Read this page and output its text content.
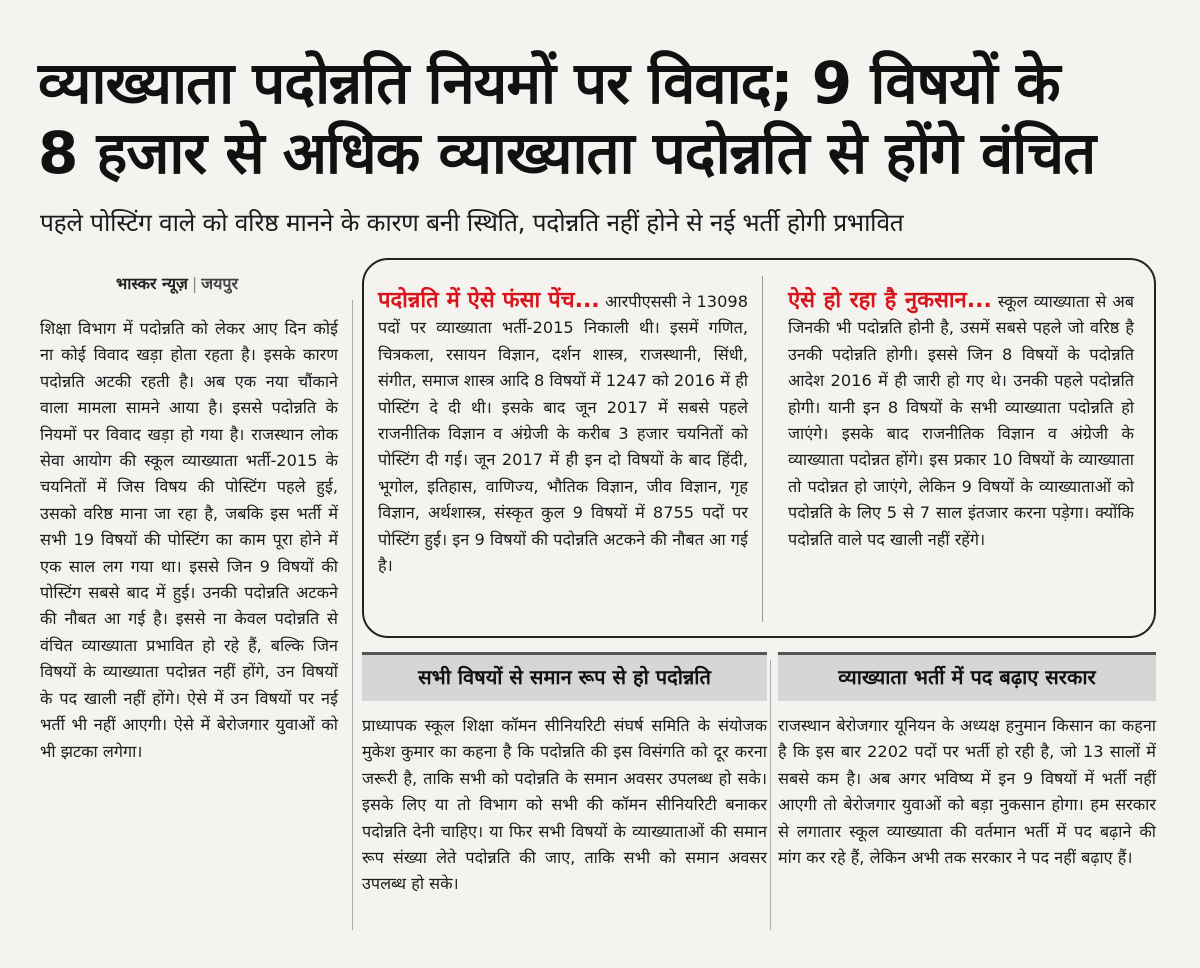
व्याख्याता पदोन्नति नियमों पर विवाद; 9 विषयों के
8 हजार से अधिक व्याख्याता पदोन्नति से होंगे वंचित

पहले पोस्टिंग वाले को वरिष्ठ मानने के कारण बनी स्थिति, पदोन्नति नहीं होने से नई भर्ती होगी प्रभावित

भास्कर न्यूज़ | जयपुर

शिक्षा विभाग में पदोन्नति को लेकर आए दिन कोई ना कोई विवाद खड़ा होता रहता है। इसके कारण पदोन्नति अटकी रहती है। अब एक नया चौंकाने वाला मामला सामने आया है। इससे पदोन्नति के नियमों पर विवाद खड़ा हो गया है। राजस्थान लोक सेवा आयोग की स्कूल व्याख्याता भर्ती-2015 के चयनितों में जिस विषय की पोस्टिंग पहले हुई, उसको वरिष्ठ माना जा रहा है, जबकि इस भर्ती में सभी 19 विषयों की पोस्टिंग का काम पूरा होने में एक साल लग गया था। इससे जिन 9 विषयों की पोस्टिंग सबसे बाद में हुई। उनकी पदोन्नति अटकने की नौबत आ गई है। इससे ना केवल पदोन्नति से वंचित व्याख्याता प्रभावित हो रहे हैं, बल्कि जिन विषयों के व्याख्याता पदोन्नत नहीं होंगे, उन विषयों के पद खाली नहीं होंगे। ऐसे में उन विषयों पर नई भर्ती भी नहीं आएगी। ऐसे में बेरोजगार युवाओं को भी झटका लगेगा।

पदोन्नति में ऐसे फंसा पेंच... आरपीएससी ने 13098 पदों पर व्याख्याता भर्ती-2015 निकाली थी। इसमें गणित, चित्रकला, रसायन विज्ञान, दर्शन शास्त्र, राजस्थानी, सिंधी, संगीत, समाज शास्त्र आदि 8 विषयों में 1247 को 2016 में ही पोस्टिंग दे दी थी। इसके बाद जून 2017 में सबसे पहले राजनीतिक विज्ञान व अंग्रेजी के करीब 3 हजार चयनितों को पोस्टिंग दी गई। जून 2017 में ही इन दो विषयों के बाद हिंदी, भूगोल, इतिहास, वाणिज्य, भौतिक विज्ञान, जीव विज्ञान, गृह विज्ञान, अर्थशास्त्र, संस्कृत कुल 9 विषयों में 8755 पदों पर पोस्टिंग हुई। इन 9 विषयों की पदोन्नति अटकने की नौबत आ गई है।

ऐसे हो रहा है नुकसान... स्कूल व्याख्याता से अब जिनकी भी पदोन्नति होनी है, उसमें सबसे पहले जो वरिष्ठ है उनकी पदोन्नति होगी। इससे जिन 8 विषयों के पदोन्नति आदेश 2016 में ही जारी हो गए थे। उनकी पहले पदोन्नति होगी। यानी इन 8 विषयों के सभी व्याख्याता पदोन्नति हो जाएंगे। इसके बाद राजनीतिक विज्ञान व अंग्रेजी के व्याख्याता पदोन्नत होंगे। इस प्रकार 10 विषयों के व्याख्याता तो पदोन्नत हो जाएंगे, लेकिन 9 विषयों के व्याख्याताओं को पदोन्नति के लिए 5 से 7 साल इंतजार करना पड़ेगा। क्योंकि पदोन्नति वाले पद खाली नहीं रहेंगे।

सभी विषयों से समान रूप से हो पदोन्नति

प्राध्यापक स्कूल शिक्षा कॉमन सीनियरिटी संघर्ष समिति के संयोजक मुकेश कुमार का कहना है कि पदोन्नति की इस विसंगति को दूर करना जरूरी है, ताकि सभी को पदोन्नति के समान अवसर उपलब्ध हो सके। इसके लिए या तो विभाग को सभी की कॉमन सीनियरिटी बनाकर पदोन्नति देनी चाहिए। या फिर सभी विषयों के व्याख्याताओं की समान रूप संख्या लेते पदोन्नति की जाए, ताकि सभी को समान अवसर उपलब्ध हो सके।

व्याख्याता भर्ती में पद बढ़ाए सरकार

राजस्थान बेरोजगार यूनियन के अध्यक्ष हनुमान किसान का कहना है कि इस बार 2202 पदों पर भर्ती हो रही है, जो 13 सालों में सबसे कम है। अब अगर भविष्य में इन 9 विषयों में भर्ती नहीं आएगी तो बेरोजगार युवाओं को बड़ा नुकसान होगा। हम सरकार से लगातार स्कूल व्याख्याता की वर्तमान भर्ती में पद बढ़ाने की मांग कर रहे हैं, लेकिन अभी तक सरकार ने पद नहीं बढ़ाए हैं।
